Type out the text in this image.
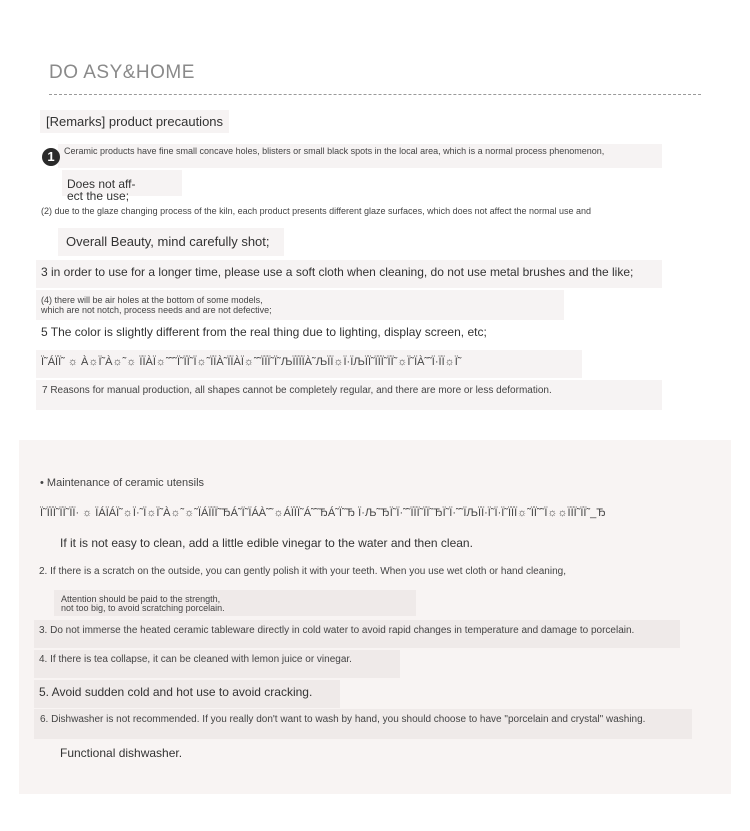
DO ASY&HOME
[Remarks] product precautions
1	Ceramic products have fine small concave holes, blisters or small black spots in the local area, which is a normal process phenomenon,
Does not aff-
ect the use;
(2) due to the glaze changing process of the kiln, each product presents different glaze surfaces, which does not affect the normal use and
Overall Beauty, mind carefully shot;
3 in order to use for a longer time, please use a soft cloth when cleaning, do not use metal brushes and the like;
(4) there will be air holes at the bottom of some models,
which are not notch, process needs and are not defective;
5 The color is slightly different from the real thing due to lighting, display screen, etc;
Ï˜ÁÏÏ˜ ☼ À☼Ï˜À☼˜☼ ÏÏÀÏ☼˜˜˜Ï˜ÏÏ˜Ï☼˜ÏÏÀ˜ÏÏÀÏ☼˜˜ÏÏÏ˜Ï˜ЉÏÏÏÏÀ˜ЉÏÏ☼Ï·ÏЉÏÏ˜ÏÏÏ˜ÏÏ˜☼Ï˜ÏÀ˜˜Ï·ÏÏ☼Ï˜
7 Reasons for manual production, all shapes cannot be completely regular, and there are more or less deformation.
• Maintenance of ceramic utensils
Ï˜ÏÏÏ˜ÏÏ˜ÏÏ· ☼ ÏÁÏÁÏ˜☼Ï·˜Ï☼Ï˜À☼˜☼˜ÏÁÏÏÏ˜ЂÁ˜Ï˜ÏÁÀ˜˜☼ÁÏÏÏ˜Á˜˜ЂÁ˜Ï˜Ђ Ï·Љ˜ЂÏ˜Ï·˜˜ÏÏÏ˜ÏÏ˜ЂÏ˜Ï·˜˜ÏЉÏÏ·Ï˜Ï·Ï˜ÏÏÏ☼˜ÏÏ˜˜Ï☼☼ÏÏÏ˜ÏÏ˜_Ђ
If it is not easy to clean, add a little edible vinegar to the water and then clean.
2. If there is a scratch on the outside, you can gently polish it with your teeth. When you use wet cloth or hand cleaning,
Attention should be paid to the strength,
not too big, to avoid scratching porcelain.
3. Do not immerse the heated ceramic tableware directly in cold water to avoid rapid changes in temperature and damage to porcelain.
4. If there is tea collapse, it can be cleaned with lemon juice or vinegar.
5. Avoid sudden cold and hot use to avoid cracking.
6. Dishwasher is not recommended. If you really don't want to wash by hand, you should choose to have "porcelain and crystal" washing.
Functional dishwasher.
